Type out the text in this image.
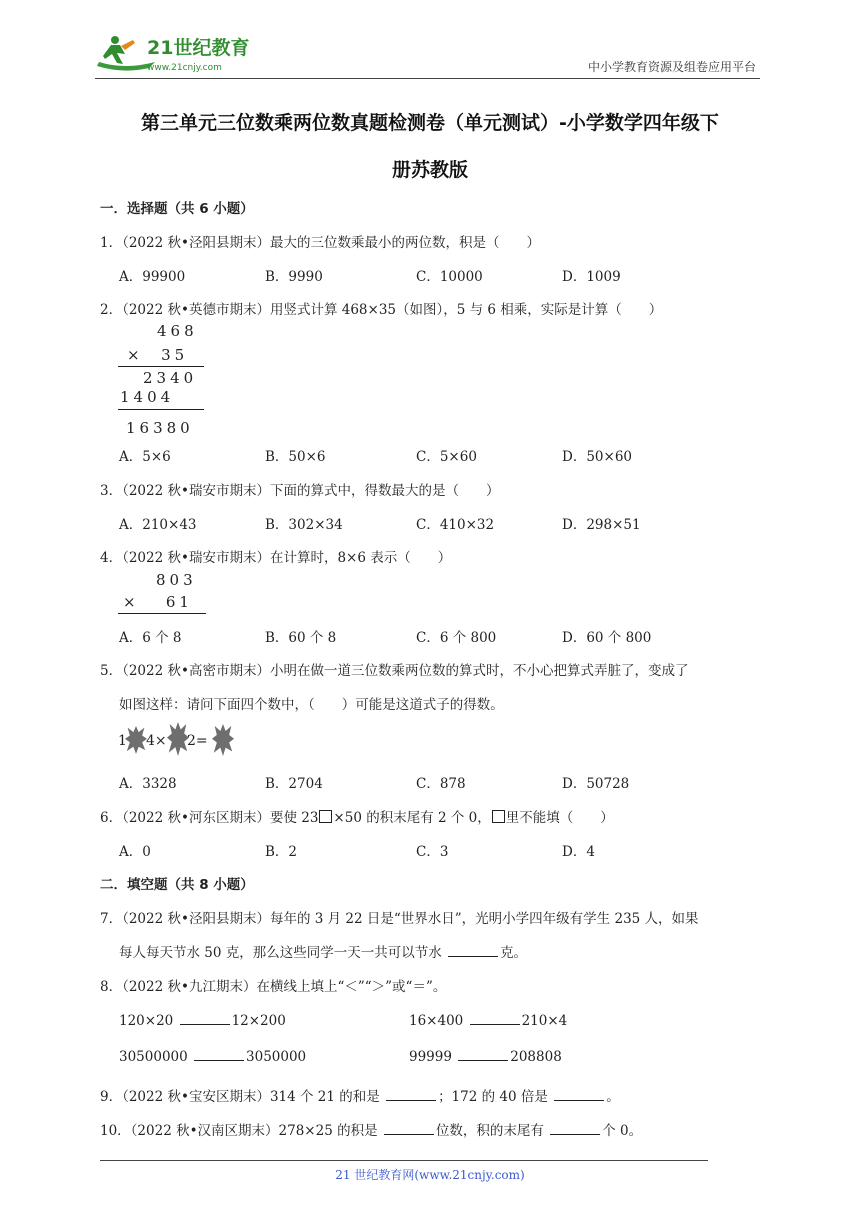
21世纪教育
www.21cnjy.com	中小学教育资源及组卷应用平台
第三单元三位数乘两位数真题检测卷（单元测试）-小学数学四年级下
册苏教版
一．选择题（共 6 小题）
1．（2022 秋•泾阳县期末）最大的三位数乘最小的两位数，积是（　　）
A．99900	B．9990	C．10000	D．1009
2．（2022 秋•英德市期末）用竖式计算 468×35（如图），5 与 6 相乘，实际是计算（　　）
468
×  35
2340
1404
16380
A．5×6	B．50×6	C．5×60	D．50×60
3．（2022 秋•瑞安市期末）下面的算式中，得数最大的是（　　）
A．210×43	B．302×34	C．410×32	D．298×51
4．（2022 秋•瑞安市期末）在计算时，8×6 表示（　　）
803
×   61
A．6 个 8	B．60 个 8	C．6 个 800	D．60 个 800
5．（2022 秋•高密市期末）小明在做一道三位数乘两位数的算式时，不小心把算式弄脏了，变成了
如图这样：请问下面四个数中，（　　）可能是这道式子的得数。
1 4× 2=
A．3328	B．2704	C．878	D．50728
6．（2022 秋•河东区期末）要使 23 ×50 的积末尾有 2 个 0， 里不能填（　　）
A．0	B．2	C．3	D．4
二．填空题（共 8 小题）
7．（2022 秋•泾阳县期末）每年的 3 月 22 日是“世界水日”，光明小学四年级有学生 235 人，如果
每人每天节水 50 克，那么这些同学一天一共可以节水	克。
8．（2022 秋•九江期末）在横线上填上“＜”“＞”或“＝”。
120×20	12×200	16×400	210×4
30500000	3050000	99999	208808
9．（2022 秋•宝安区期末）314 个 21 的和是	；172 的 40 倍是	。
10．（2022 秋•汉南区期末）278×25 的积是	位数，积的末尾有	个 0。
21 世纪教育网(www.21cnjy.com)
